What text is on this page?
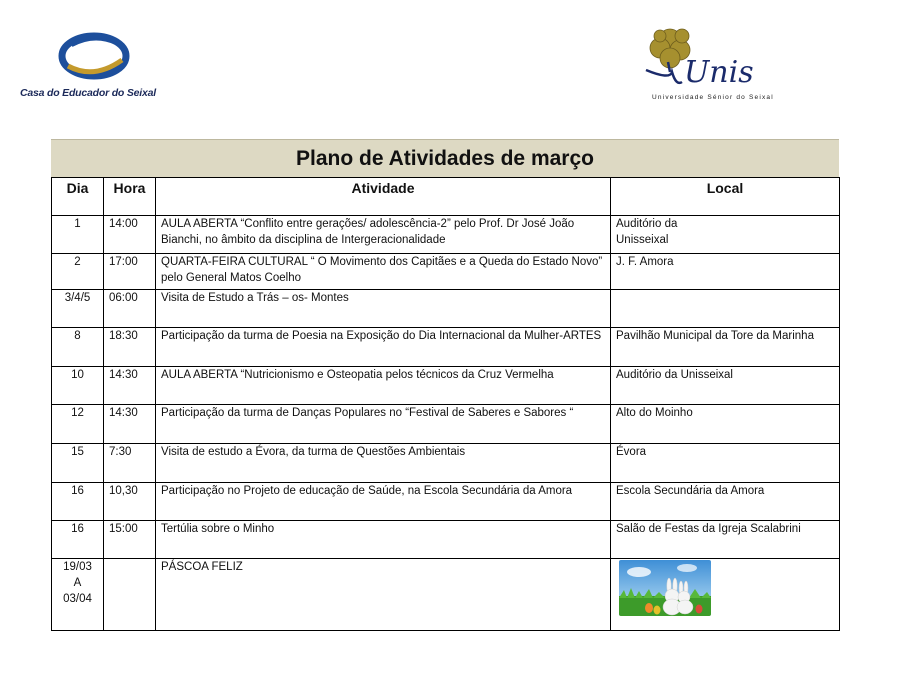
Casa do Educador do Seixal
Unis
Universidade Sénior do Seixal
Plano de Atividades de março
Dia	Hora	Atividade	Local
1	14:00	AULA ABERTA “Conflito entre gerações/ adolescência-2” pelo Prof. Dr José João Bianchi, no âmbito da disciplina de Intergeracionalidade	Auditório da Unisseixal

2	17:00	QUARTA-FEIRA CULTURAL “ O Movimento dos Capitães e a Queda do Estado Novo” pelo General Matos Coelho	J. F. Amora
3/4/5	06:00	Visita de Estudo a Trás – os- Montes	
8	18:30	Participação da turma de Poesia na Exposição do Dia Internacional da Mulher-ARTES	Pavilhão Municipal da Tore da Marinha

10	14:30	AULA ABERTA “Nutricionismo e Osteopatia pelos técnicos da Cruz Vermelha	Auditório da Unisseixal
12	14:30	Participação da turma de Danças Populares no “Festival de Saberes e Sabores “	Alto do Moinho
15	7:30	Visita de estudo a Évora, da turma de Questões Ambientais	Évora
16	10,30	Participação no Projeto de educação de Saúde, na Escola Secundária da Amora	Escola Secundária da Amora
16	15:00	Tertúlia sobre o Minho	Salão de Festas da Igreja Scalabrini

19/03
A
03/04		PÁSCOA FELIZ	
